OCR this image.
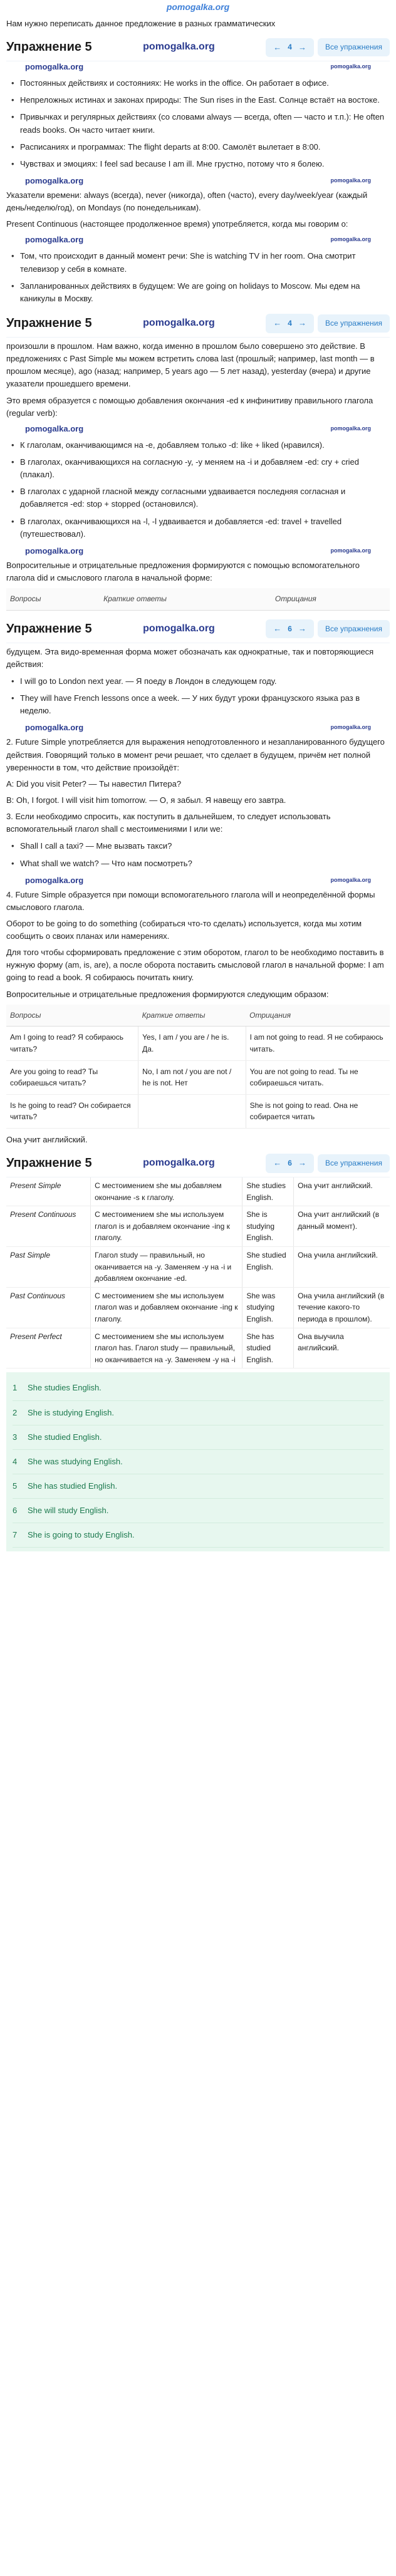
pomogalka.org

Нам нужно переписать данное предложение в разных грамматических

Упражнение 5	pomogalka.org	← 4 →	Все упражнения
pomogalka.org	pomogalka.org
• Постоянных действиях и состояниях: He works in the office. Он работает в офисе.
• Непреложных истинах и законах природы: The Sun rises in the East. Солнце встаёт на востоке.
• Привычках и регулярных действиях (со словами always — всегда, often — часто и т.п.): He often reads books. Он часто читает книги.
• Расписаниях и программах: The flight departs at 8:00. Самолёт вылетает в 8:00.
• Чувствах и эмоциях: I feel sad because I am ill. Мне грустно, потому что я болею.
pomogalka.org	pomogalka.org

Указатели времени: always (всегда), never (никогда), often (часто), every day/week/year (каждый день/неделю/год), on Mondays (по понедельникам).

Present Continuous (настоящее продолженное время) употребляется, когда мы говорим о:

pomogalka.org	pomogalka.org
• Том, что происходит в данный момент речи: She is watching TV in her room. Она смотрит телевизор у себя в комнате.
• Запланированных действиях в будущем: We are going on holidays to Moscow. Мы едем на каникулы в Москву.
Упражнение 5	pomogalka.org	← 4 →	Все упражнения

произошли в прошлом. Нам важно, когда именно в прошлом было совершено это действие. В предложениях с Past Simple мы можем встретить слова last (прошлый; например, last month — в прошлом месяце), ago (назад; например, 5 years ago — 5 лет назад), yesterday (вчера) и другие указатели прошедшего времени.

Это время образуется с помощью добавления окончания -ed к инфинитиву правильного глагола (regular verb):

pomogalka.org	pomogalka.org
• К глаголам, оканчивающимся на -e, добавляем только -d: like + liked (нравился).
• В глаголах, оканчивающихся на согласную -y, -y меняем на -i и добавляем -ed: cry + cried (плакал).
• В глаголах с ударной гласной между согласными удваивается последняя согласная и добавляется -ed: stop + stopped (остановился).
• В глаголах, оканчивающихся на -l, -l удваивается и добавляется -ed: travel + travelled (путешествовал).
pomogalka.org	pomogalka.org

Вопросительные и отрицательные предложения формируются с помощью вспомогательного глагола did и смыслового глагола в начальной форме:

Вопросы	Краткие ответы	Отрицания
Упражнение 5	pomogalka.org	← 6 →	Все упражнения

будущем. Эта видо-временная форма может обозначать как однократные, так и повторяющиеся действия:

• I will go to London next year. — Я поеду в Лондон в следующем году.
• They will have French lessons once a week. — У них будут уроки французского языка раз в неделю.
pomogalka.org	pomogalka.org

2. Future Simple употребляется для выражения неподготовленного и незапланированного будущего действия. Говорящий только в момент речи решает, что сделает в будущем, причём нет полной уверенности в том, что действие произойдёт:

A: Did you visit Peter? — Ты навестил Питера?

B: Oh, I forgot. I will visit him tomorrow. — О, я забыл. Я навещу его завтра.

3. Если необходимо спросить, как поступить в дальнейшем, то следует использовать вспомогательный глагол shall с местоимениями I или we:

• Shall I call a taxi? — Мне вызвать такси?
• What shall we watch? — Что нам посмотреть?
pomogalka.org	pomogalka.org

4. Future Simple образуется при помощи вспомогательного глагола will и неопределённой формы смыслового глагола.

Оборот to be going to do something (собираться что-то сделать) используется, когда мы хотим сообщить о своих планах или намерениях.

Для того чтобы сформировать предложение с этим оборотом, глагол to be необходимо поставить в нужную форму (am, is, are), а после оборота поставить смысловой глагол в начальной форме: I am going to read a book. Я собираюсь почитать книгу.

Вопросительные и отрицательные предложения формируются следующим образом:

Вопросы	Краткие ответы	Отрицания
Am I going to read? Я собираюсь читать?	Yes, I am / you are / he is. Да.	I am not going to read. Я не собираюсь читать.
Are you going to read? Ты собираешься читать?	No, I am not / you are not / he is not. Нет	You are not going to read. Ты не собираешься читать.
Is he going to read? Он собирается читать?		She is not going to read. Она не собирается читать

Она учит английский.

Упражнение 5	pomogalka.org	← 6 →	Все упражнения
Present Simple	С местоимением she мы добавляем окончание -s к глаголу.	She studies English.	Она учит английский.
Present Continuous	С местоимением she мы используем глагол is и добавляем окончание -ing к глаголу.	She is studying English.	Она учит английский (в данный момент).
Past Simple	Глагол study — правильный, но оканчивается на -y. Заменяем -y на -i и добавляем окончание -ed.	She studied English.	Она учила английский.
Past Continuous	С местоимением she мы используем глагол was и добавляем окончание -ing к глаголу.	She was studying English.	Она учила английский (в течение какого-то периода в прошлом).
Present Perfect	С местоимением she мы используем глагол has. Глагол study — правильный, но оканчивается на -y. Заменяем -y на -i	She has studied English.	Она выучила английский.
1	She studies English.
2	She is studying English.
3	She studied English.
4	She was studying English.
5	She has studied English.
6	She will study English.
7	She is going to study English.
